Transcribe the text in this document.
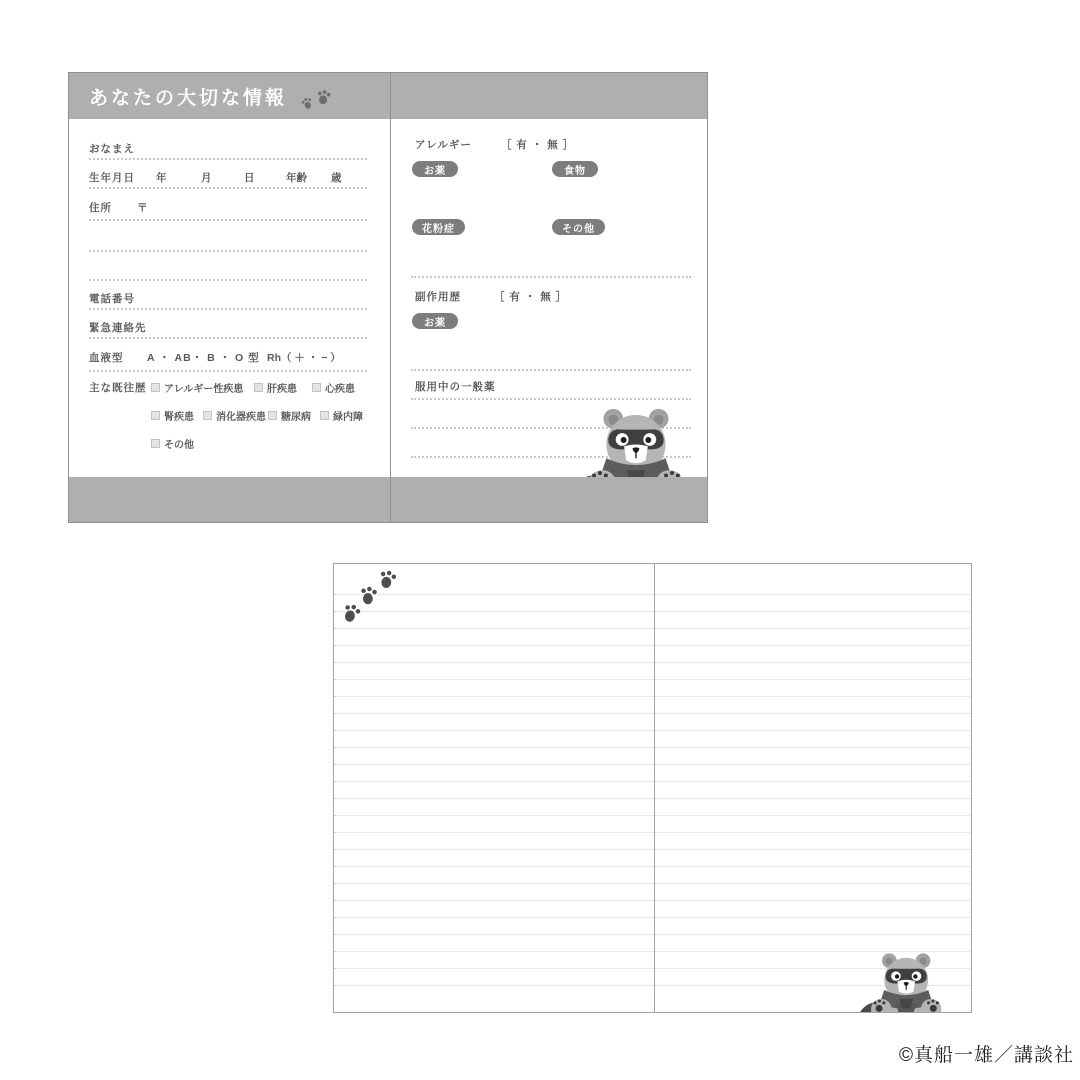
あなたの大切な情報
おなまえ
生年月日 年	月	日	年齢 歳
住所 〒
電話番号
緊急連絡先
血液型 A ・ AB・ B ・ O 型 Rh（ ＋ ・ − ）
主な既往歴 アレルギー性疾患 肝疾患	心疾患
腎疾患 消化器疾患 糖尿病 緑内障
その他
アレルギー	［ 有 ・ 無 ］
お薬	食物
花粉症	その他
副作用歴	［ 有 ・ 無 ］
お薬
服用中の一般薬
©真船一雄／講談社
